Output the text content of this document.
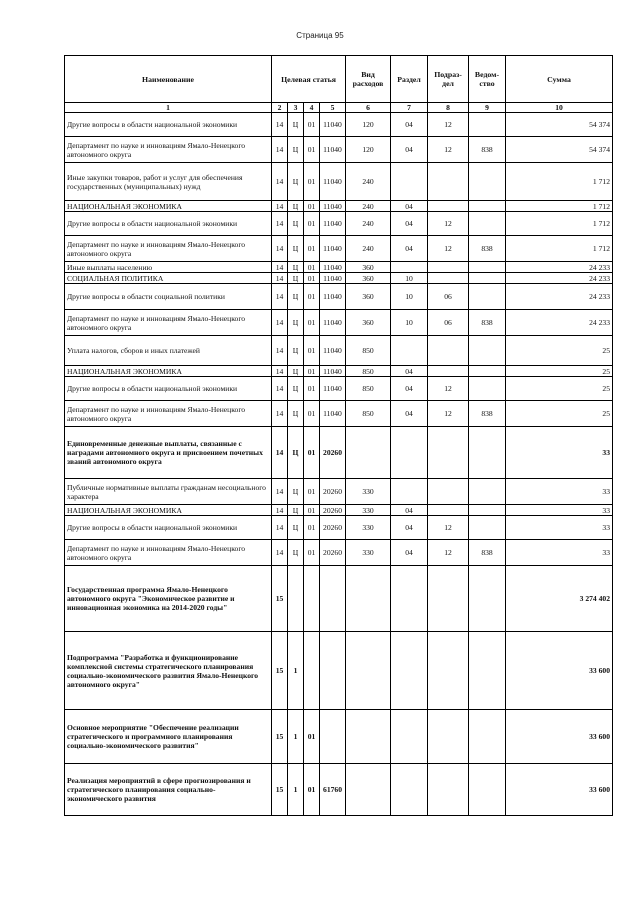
Страница 95
Наименование	Целевая статья				Вид расходов	Раздел	Подраз-дел	Ведом-ство	Сумма
1	2	3	4	5	6	7	8	9	10
Другие вопросы в области национальной экономики	14	Ц	01	11040	120	04	12		54 374
Департамент по науке и инновациям Ямало-Ненецкого автономного округа	14	Ц	01	11040	120	04	12	838	54 374
Иные закупки товаров, работ и услуг для обеспечения государственных (муниципальных) нужд	14	Ц	01	11040	240				1 712
НАЦИОНАЛЬНАЯ ЭКОНОМИКА	14	Ц	01	11040	240	04			1 712
Другие вопросы в области национальной экономики	14	Ц	01	11040	240	04	12		1 712
Департамент по науке и инновациям Ямало-Ненецкого автономного округа	14	Ц	01	11040	240	04	12	838	1 712
Иные выплаты населению	14	Ц	01	11040	360				24 233
СОЦИАЛЬНАЯ ПОЛИТИКА	14	Ц	01	11040	360	10			24 233
Другие вопросы в области социальной политики	14	Ц	01	11040	360	10	06		24 233
Департамент по науке и инновациям Ямало-Ненецкого автономного округа	14	Ц	01	11040	360	10	06	838	24 233
Уплата налогов, сборов и иных платежей	14	Ц	01	11040	850				25
НАЦИОНАЛЬНАЯ ЭКОНОМИКА	14	Ц	01	11040	850	04			25
Другие вопросы в области национальной экономики	14	Ц	01	11040	850	04	12		25
Департамент по науке и инновациям Ямало-Ненецкого автономного округа	14	Ц	01	11040	850	04	12	838	25
Единовременные денежные выплаты, связанные с наградами автономного округа и присвоением почетных званий автономного округа	14	Ц	01	20260					33
Публичные нормативные выплаты гражданам несоциального характера	14	Ц	01	20260	330				33
НАЦИОНАЛЬНАЯ ЭКОНОМИКА	14	Ц	01	20260	330	04			33
Другие вопросы в области национальной экономики	14	Ц	01	20260	330	04	12		33
Департамент по науке и инновациям Ямало-Ненецкого автономного округа	14	Ц	01	20260	330	04	12	838	33
Государственная программа Ямало-Ненецкого автономного округа "Экономическое развитие и инновационная экономика на 2014-2020 годы"	15								3 274 402
Подпрограмма "Разработка и функционирование комплексной системы стратегического планирования социально-экономического развития Ямало-Ненецкого автономного округа"	15	1							33 600
Основное мероприятие "Обеспечение реализации стратегического и программного планирования социально-экономического развития"	15	1	01						33 600
Реализация мероприятий в сфере прогнозирования и стратегического планирования социально-экономического развития	15	1	01	61760					33 600
